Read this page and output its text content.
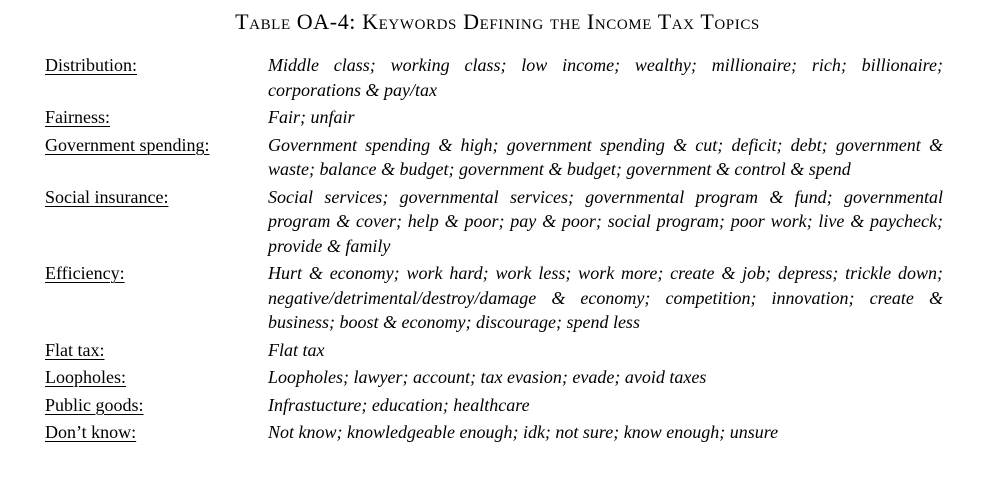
Table OA-4: Keywords Defining the Income Tax Topics
Distribution:	Middle class; working class; low income; wealthy; millionaire; rich; billionaire; corporations & pay/tax
Fairness:	Fair; unfair
Government spending:	Government spending & high; government spending & cut; deficit; debt; government & waste; balance & budget; government & budget; government & control & spend
Social insurance:	Social services; governmental services; governmental program & fund; governmental program & cover; help & poor; pay & poor; social program; poor work; live & paycheck; provide & family
Efficiency:	Hurt & economy; work hard; work less; work more; create & job; depress; trickle down; negative/detrimental/destroy/damage & economy; competition; innovation; create & business; boost & economy; discourage; spend less
Flat tax:	Flat tax
Loopholes:	Loopholes; lawyer; account; tax evasion; evade; avoid taxes
Public goods:	Infrastucture; education; healthcare
Don’t know:	Not know; knowledgeable enough; idk; not sure; know enough; unsure
